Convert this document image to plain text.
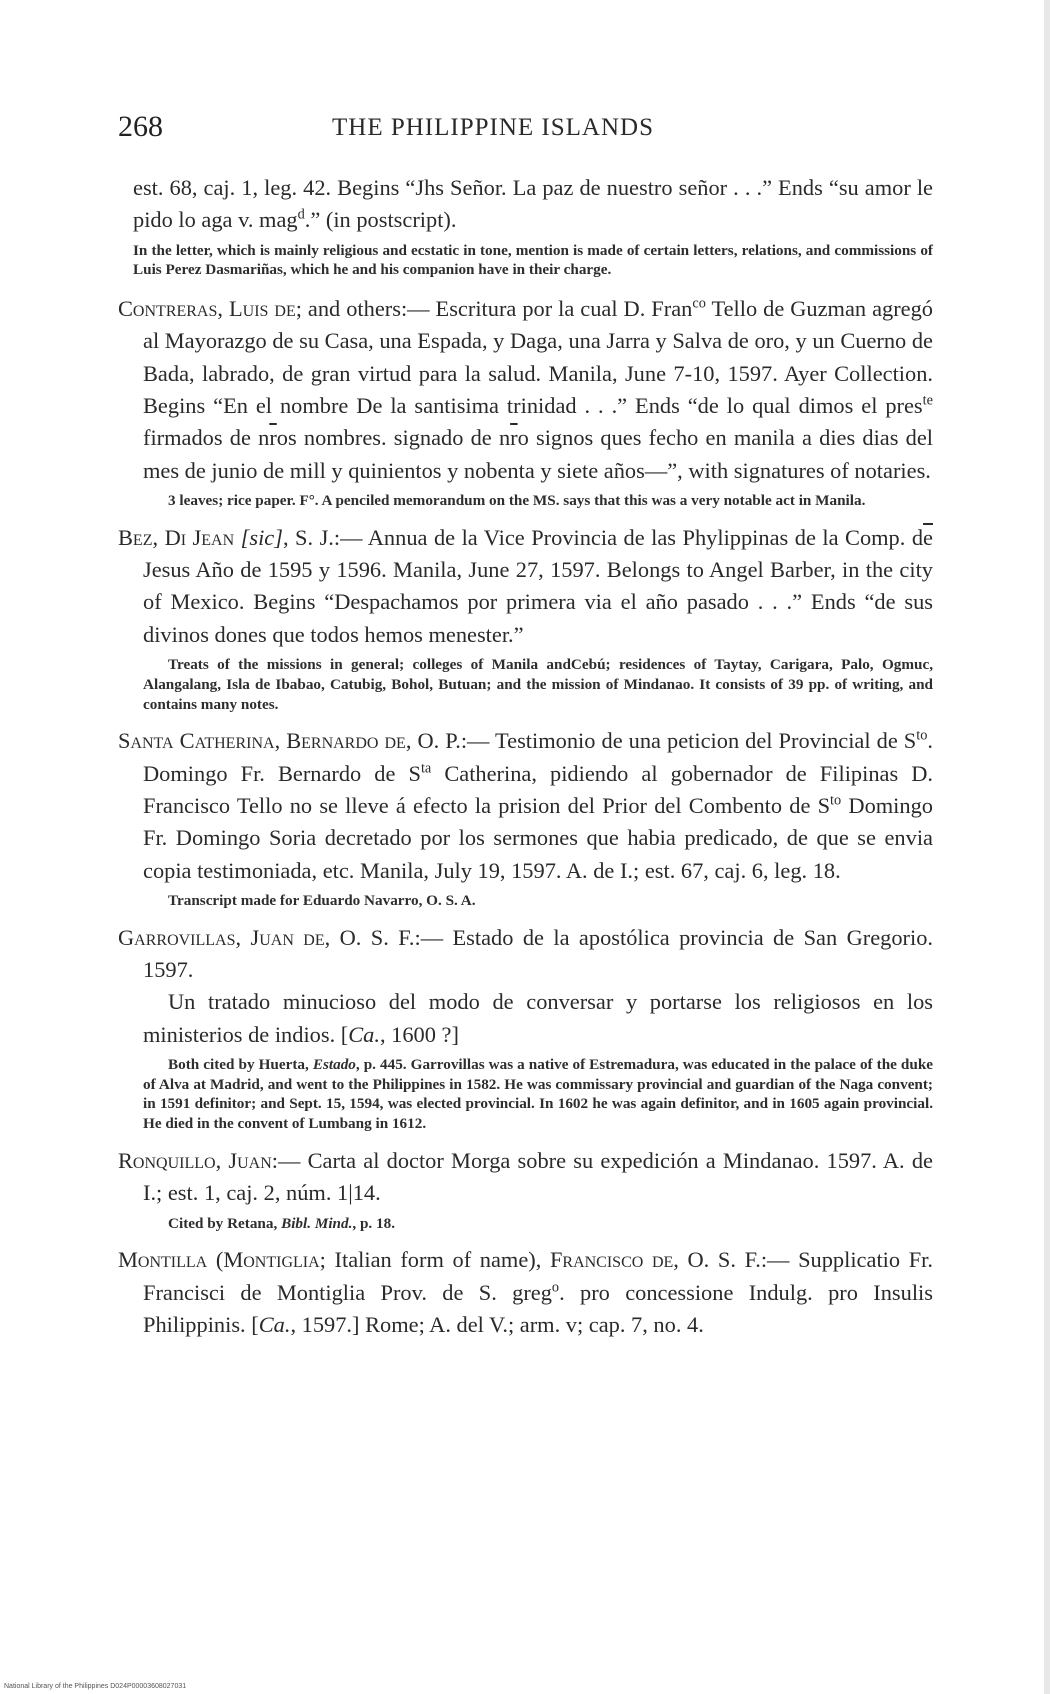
268	THE PHILIPPINE ISLANDS

est. 68, caj. 1, leg. 42. Begins “Jhs Señor. La paz de nuestro señor . . .” Ends “su amor le pido lo aga v. mag$^d$.” (in postscript).

In the letter, which is mainly religious and ecstatic in tone, mention is made of certain letters, relations, and commissions of Luis Perez Dasmariñas, which he and his companion have in their charge.

Contreras, Luis de; and others:— Escritura por la cual D. Fran$^{co}$ Tello de Guzman agregó al Mayorazgo de su Casa, una Espada, y Daga, una Jarra y Salva de oro, y un Cuerno de Bada, labrado, de gran virtud para la salud. Manila, June 7-10, 1597. Ayer Collection. Begins “En el nombre De la santisima trinidad . . .” Ends “de lo qual dimos el pres$^{te}$ firmados de $n\overline{r}os$ nombres. signado de $n\overline{r}o$ signos ques fecho en manila a dies dias del mes de junio de mill y quinientos y nobenta y siete años—”, with signatures of notaries.

3 leaves; rice paper. F°. A penciled memorandum on the MS. says that this was a very notable act in Manila.

Bez, Di Jean [sic], S. J.:— Annua de la Vice Provincia de las Phylippinas de la Comp. $d\overline{e}$ Jesus Año de 1595 y 1596. Manila, June 27, 1597. Belongs to Angel Barber, in the city of Mexico. Begins “Despachamos por primera via el año pasado . . .” Ends “de sus divinos dones que todos hemos menester.”

Treats of the missions in general; colleges of Manila andCebú; residences of Taytay, Carigara, Palo, Ogmuc, Alangalang, Isla de Ibabao, Catubig, Bohol, Butuan; and the mission of Mindanao. It consists of 39 pp. of writing, and contains many notes.

Santa Catherina, Bernardo de, O. P.:— Testimonio de una peticion del Provincial de $S^{to}$. Domingo Fr. Bernardo de $S^{ta}$ Catherina, pidiendo al gobernador de Filipinas D. Francisco Tello no se lleve á efecto la prision del Prior del Combento de $S^{to}$ Domingo Fr. Domingo Soria decretado por los sermones que habia predicado, de que se envia copia testimoniada, etc. Manila, July 19, 1597. A. de I.; est. 67, caj. 6, leg. 18.

Transcript made for Eduardo Navarro, O. S. A.

Garrovillas, Juan de, O. S. F.:— Estado de la apostólica provincia de San Gregorio. 1597.

Un tratado minucioso del modo de conversar y portarse los religiosos en los ministerios de indios. [Ca., 1600 ?]

Both cited by Huerta, Estado, p. 445. Garrovillas was a native of Estremadura, was educated in the palace of the duke of Alva at Madrid, and went to the Philippines in 1582. He was commissary provincial and guardian of the Naga convent; in 1591 definitor; and Sept. 15, 1594, was elected provincial. In 1602 he was again definitor, and in 1605 again provincial. He died in the convent of Lumbang in 1612.

Ronquillo, Juan:— Carta al doctor Morga sobre su expedición a Mindanao. 1597. A. de I.; est. 1, caj. 2, núm. 1|14.

Cited by Retana, Bibl. Mind., p. 18.

Montilla (Montiglia; Italian form of name), Francisco de, O. S. F.:— Supplicatio Fr. Francisci de Montiglia Prov. de S. greg$^o$. pro concessione Indulg. pro Insulis Philippinis. [Ca., 1597.] Rome; A. del V.; arm. v; cap. 7, no. 4.

National Library of the Philippines D024P00003608027031
